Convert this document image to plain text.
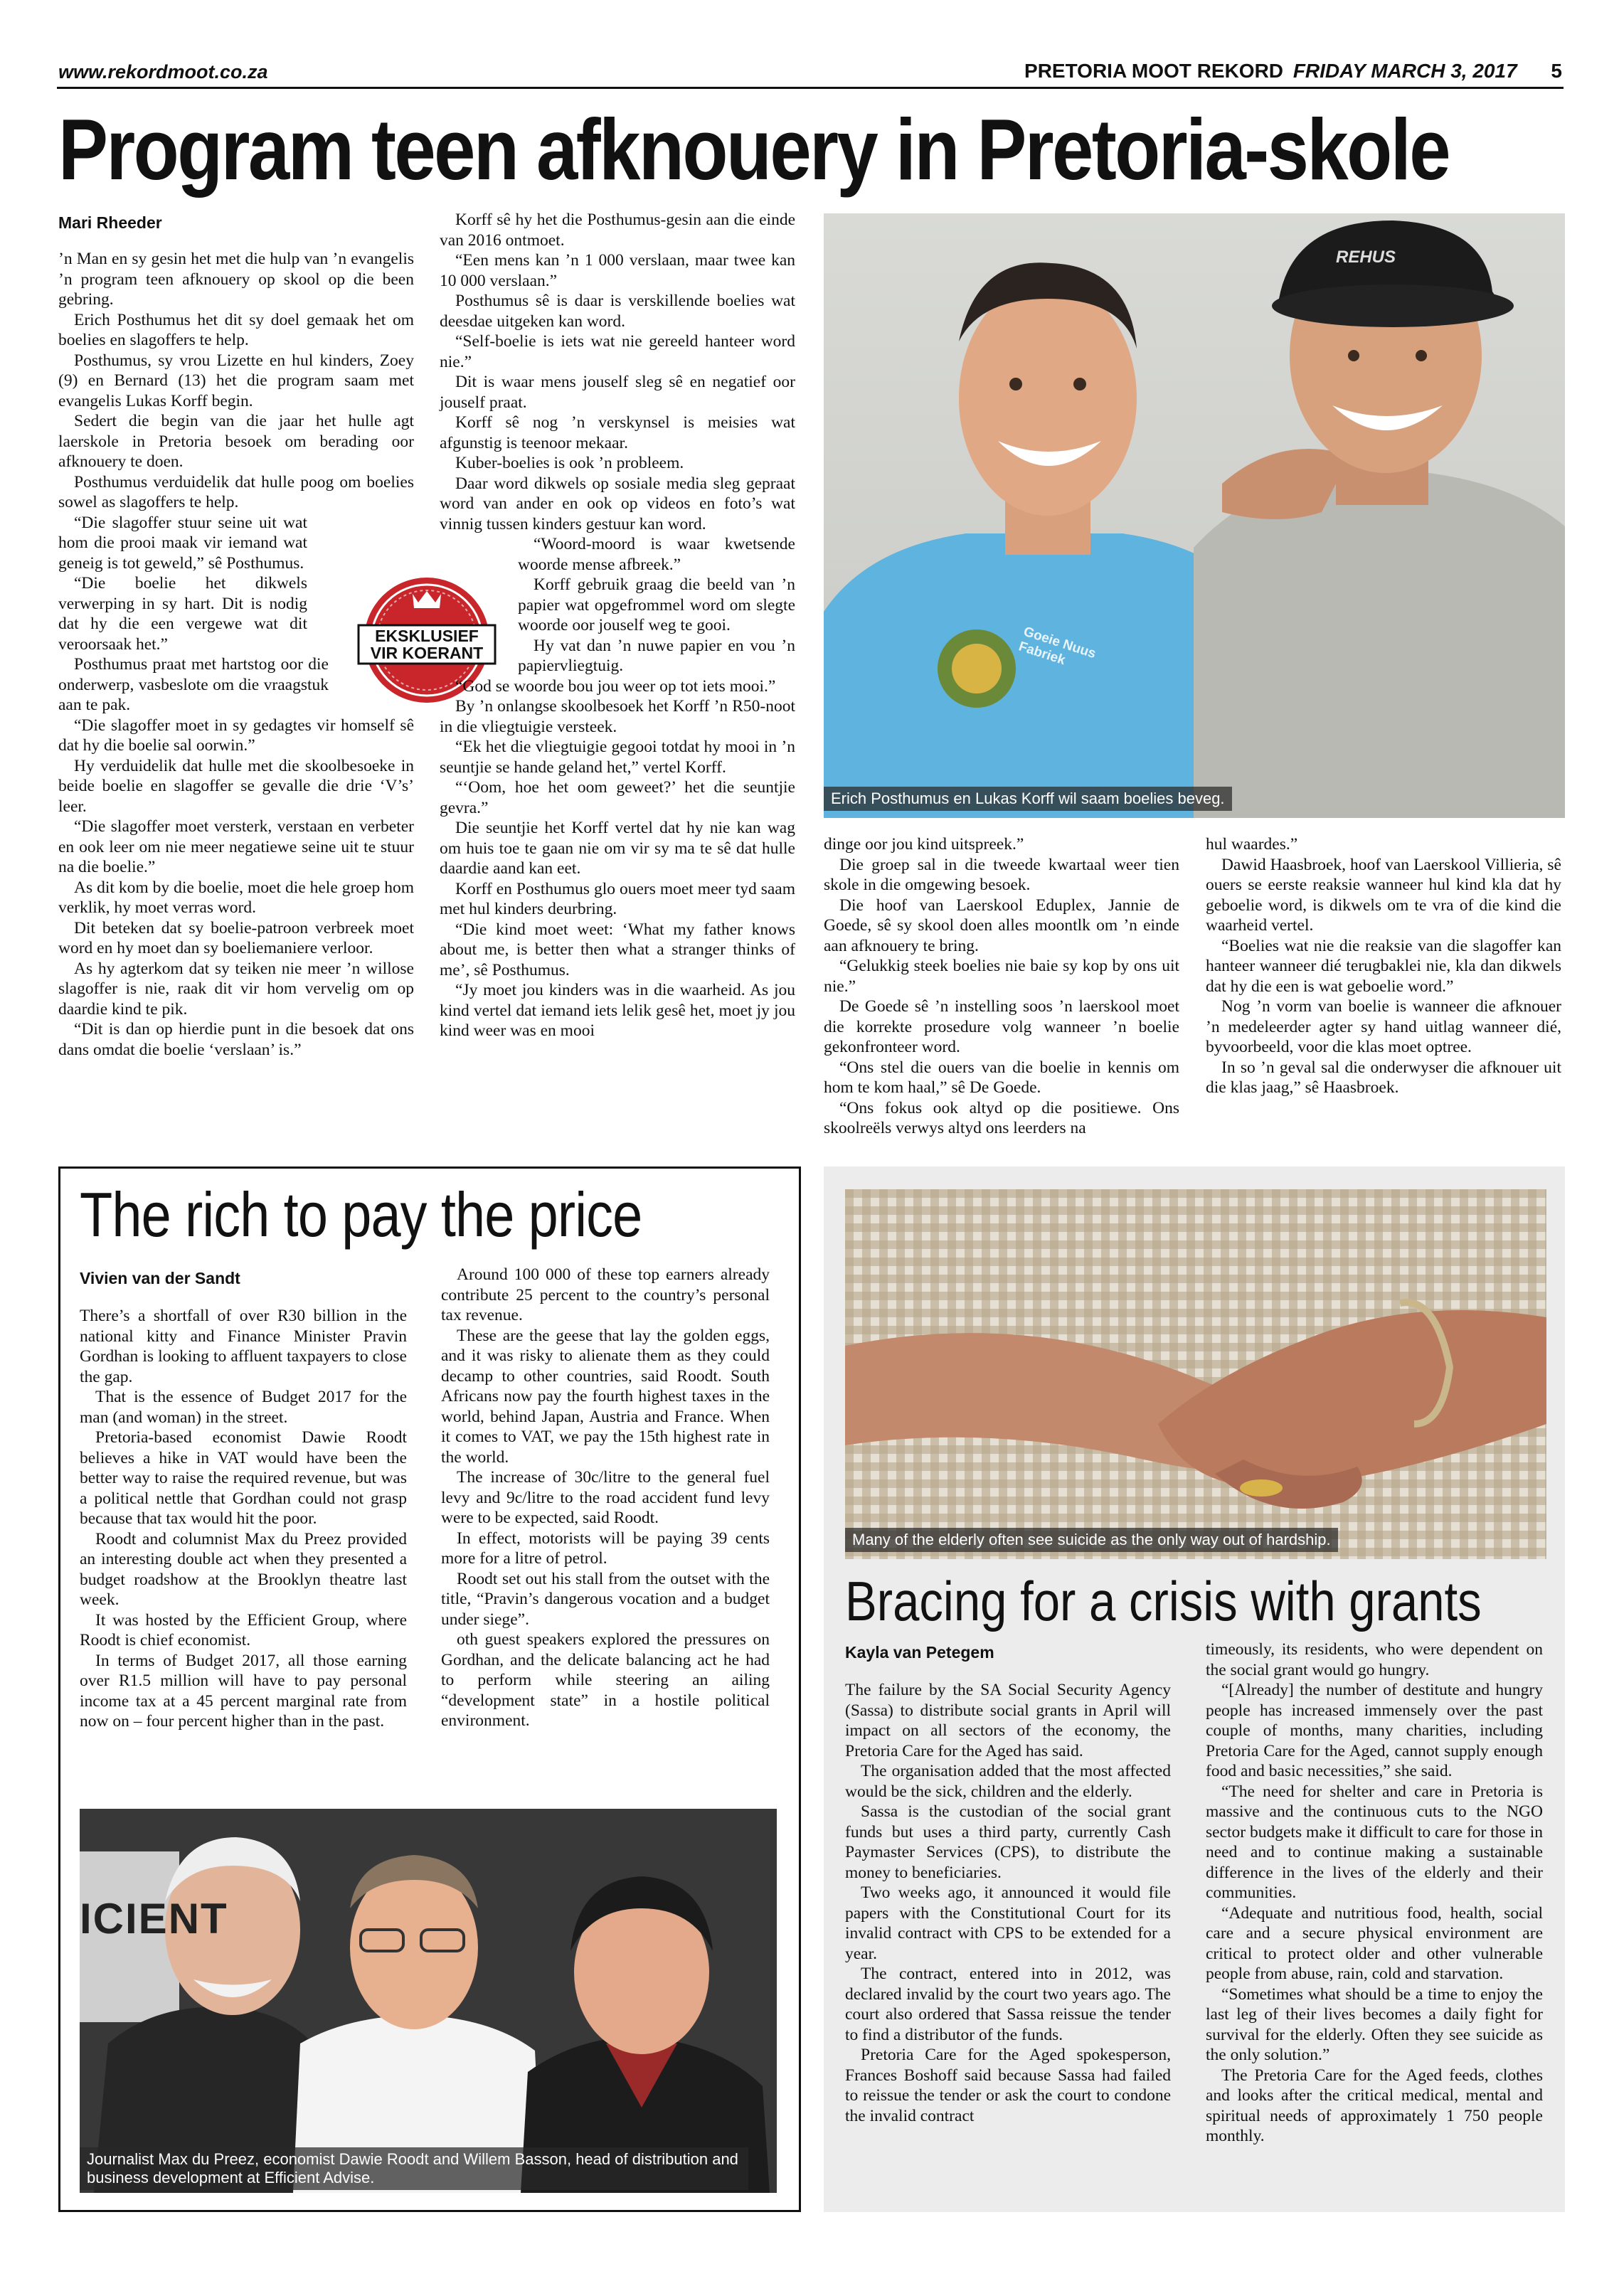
www.rekordmoot.co.za	PRETORIA MOOT REKORD FRIDAY MARCH 3, 2017 5
Program teen afknouery in Pretoria-skole
Mari Rheeder

’n Man en sy gesin het met die hulp van ’n evangelis ’n program teen afknouery op skool op die been gebring.

Erich Posthumus het dit sy doel gemaak het om boelies en slagoffers te help.

Posthumus, sy vrou Lizette en hul kinders, Zoey (9) en Bernard (13) het die program saam met evangelis Lukas Korff begin.

Sedert die begin van die jaar het hulle agt laerskole in Pretoria besoek om berading oor afknouery te doen.

Posthumus verduidelik dat hulle poog om boelies sowel as slagoffers te help.

“Die slagoffer stuur seine uit wat hom die prooi maak vir iemand wat geneig is tot geweld,” sê Posthumus.

“Die boelie het dikwels verwerping in sy hart. Dit is nodig dat hy die een vergewe wat dit veroorsaak het.”

Posthumus praat met hartstog oor die onderwerp, vasbeslote om die vraagstuk aan te pak.

“Die slagoffer moet in sy gedagtes vir homself sê dat hy die boelie sal oorwin.”

Hy verduidelik dat hulle met die skoolbesoeke in beide boelie en slagoffer se gevalle die drie ‘V’s’ leer.

“Die slagoffer moet versterk, verstaan en verbeter en ook leer om nie meer negatiewe seine uit te stuur na die boelie.”

As dit kom by die boelie, moet die hele groep hom verklik, hy moet verras word.

Dit beteken dat sy boelie-patroon verbreek moet word en hy moet dan sy boeliemaniere verloor.

As hy agterkom dat sy teiken nie meer ’n willose slagoffer is nie, raak dit vir hom vervelig om op daardie kind te pik.

“Dit is dan op hierdie punt in die besoek dat ons dans omdat die boelie ‘verslaan’ is.”

EKSKLUSIEF
VIR KOERANT

Korff sê hy het die Posthumus-gesin aan die einde van 2016 ontmoet.

“Een mens kan ’n 1 000 verslaan, maar twee kan 10 000 verslaan.”

Posthumus sê is daar is verskillende boelies wat deesdae uitgeken kan word.

“Self-boelie is iets wat nie gereeld hanteer word nie.”

Dit is waar mens jouself sleg sê en negatief oor jouself praat.

Korff sê nog ’n verskynsel is meisies wat afgunstig is teenoor mekaar.

Kuber-boelies is ook ’n probleem.

Daar word dikwels op sosiale media sleg gepraat word van ander en ook op videos en foto’s wat vinnig tussen kinders gestuur kan word.

“Woord-moord is waar kwetsende woorde mense afbreek.”

Korff gebruik graag die beeld van ’n papier wat opgefrommel word om slegte woorde oor jouself weg te gooi.

Hy vat dan ’n nuwe papier en vou ’n papiervliegtuig.

“God se woorde bou jou weer op tot iets mooi.”

By ’n onlangse skoolbesoek het Korff ’n R50-noot in die vliegtuigie versteek.

“Ek het die vliegtuigie gegooi totdat hy mooi in ’n seuntjie se hande geland het,” vertel Korff.

“‘Oom, hoe het oom geweet?’ het die seuntjie gevra.”

Die seuntjie het Korff vertel dat hy nie kan wag om huis toe te gaan nie om vir sy ma te sê dat hulle daardie aand kan eet.

Korff en Posthumus glo ouers moet meer tyd saam met hul kinders deurbring.

“Die kind moet weet: ‘What my father knows about me, is better then what a stranger thinks of me’, sê Posthumus.

“Jy moet jou kinders was in die waarheid. As jou kind vertel dat iemand iets lelik gesê het, moet jy jou kind weer was en mooi

Goeie Nuus Fabriek
REHUS
Erich Posthumus en Lukas Korff wil saam boelies beveg.

dinge oor jou kind uitspreek.”

Die groep sal in die tweede kwartaal weer tien skole in die omgewing besoek.

Die hoof van Laerskool Eduplex, Jannie de Goede, sê sy skool doen alles moontlk om ’n einde aan afknouery te bring.

“Gelukkig steek boelies nie baie sy kop by ons uit nie.”

De Goede sê ’n instelling soos ’n laerskool moet die korrekte prosedure volg wanneer ’n boelie gekonfronteer word.

“Ons stel die ouers van die boelie in kennis om hom te kom haal,” sê De Goede.

“Ons fokus ook altyd op die positiewe. Ons skoolreëls verwys altyd ons leerders na

hul waardes.”

Dawid Haasbroek, hoof van Laerskool Villieria, sê ouers se eerste reaksie wanneer hul kind kla dat hy geboelie word, is dikwels om te vra of die kind die waarheid vertel.

“Boelies wat nie die reaksie van die slagoffer kan hanteer wanneer dié terugbaklei nie, kla dan dikwels dat hy die een is wat geboelie word.”

Nog ’n vorm van boelie is wanneer die afknouer ’n medeleerder agter sy hand uitlag wanneer dié, byvoorbeeld, voor die klas moet optree.

In so ’n geval sal die onderwyser die afknouer uit die klas jaag,” sê Haasbroek.

The rich to pay the price
Vivien van der Sandt

There’s a shortfall of over R30 billion in the national kitty and Finance Minister Pravin Gordhan is looking to affluent taxpayers to close the gap.

That is the essence of Budget 2017 for the man (and woman) in the street.

Pretoria-based economist Dawie Roodt believes a hike in VAT would have been the better way to raise the required revenue, but was a political nettle that Gordhan could not grasp because that tax would hit the poor.

Roodt and columnist Max du Preez provided an interesting double act when they presented a budget roadshow at the Brooklyn theatre last week.

It was hosted by the Efficient Group, where Roodt is chief economist.

In terms of Budget 2017, all those earning over R1.5 million will have to pay personal income tax at a 45 percent marginal rate from now on – four percent higher than in the past.

Around 100 000 of these top earners already contribute 25 percent to the country’s personal tax revenue.

These are the geese that lay the golden eggs, and it was risky to alienate them as they could decamp to other countries, said Roodt. South Africans now pay the fourth highest taxes in the world, behind Japan, Austria and France. When it comes to VAT, we pay the 15th highest rate in the world.

The increase of 30c/litre to the general fuel levy and 9c/litre to the road accident fund levy were to be expected, said Roodt.

In effect, motorists will be paying 39 cents more for a litre of petrol.

Roodt set out his stall from the outset with the title, “Pravin’s dangerous vocation and a budget under siege”.

oth guest speakers explored the pressures on Gordhan, and the delicate balancing act he had to perform while steering an ailing “development state” in a hostile political environment.

ICIENT
Journalist Max du Preez, economist Dawie Roodt and Willem Basson, head of distribution and business development at Efficient Advise.
Many of the elderly often see suicide as the only way out of hardship.
Bracing for a crisis with grants
Kayla van Petegem

The failure by the SA Social Security Agency (Sassa) to distribute social grants in April will impact on all sectors of the economy, the Pretoria Care for the Aged has said.

The organisation added that the most affected would be the sick, children and the elderly.

Sassa is the custodian of the social grant funds but uses a third party, currently Cash Paymaster Services (CPS), to distribute the money to beneficiaries.

Two weeks ago, it announced it would file papers with the Constitutional Court for its invalid contract with CPS to be extended for a year.

The contract, entered into in 2012, was declared invalid by the court two years ago. The court also ordered that Sassa reissue the tender to find a distributor of the funds.

Pretoria Care for the Aged spokesperson, Frances Boshoff said because Sassa had failed to reissue the tender or ask the court to condone the invalid contract

timeously, its residents, who were dependent on the social grant would go hungry.

“[Already] the number of destitute and hungry people has increased immensely over the past couple of months, many charities, including Pretoria Care for the Aged, cannot supply enough food and basic necessities,” she said.

“The need for shelter and care in Pretoria is massive and the continuous cuts to the NGO sector budgets make it difficult to care for those in need and to continue making a sustainable difference in the lives of the elderly and their communities.

“Adequate and nutritious food, health, social care and a secure physical environment are critical to protect older and other vulnerable people from abuse, rain, cold and starvation.

“Sometimes what should be a time to enjoy the last leg of their lives becomes a daily fight for survival for the elderly. Often they see suicide as the only solution.”

The Pretoria Care for the Aged feeds, clothes and looks after the critical medical, mental and spiritual needs of approximately 1 750 people monthly.
